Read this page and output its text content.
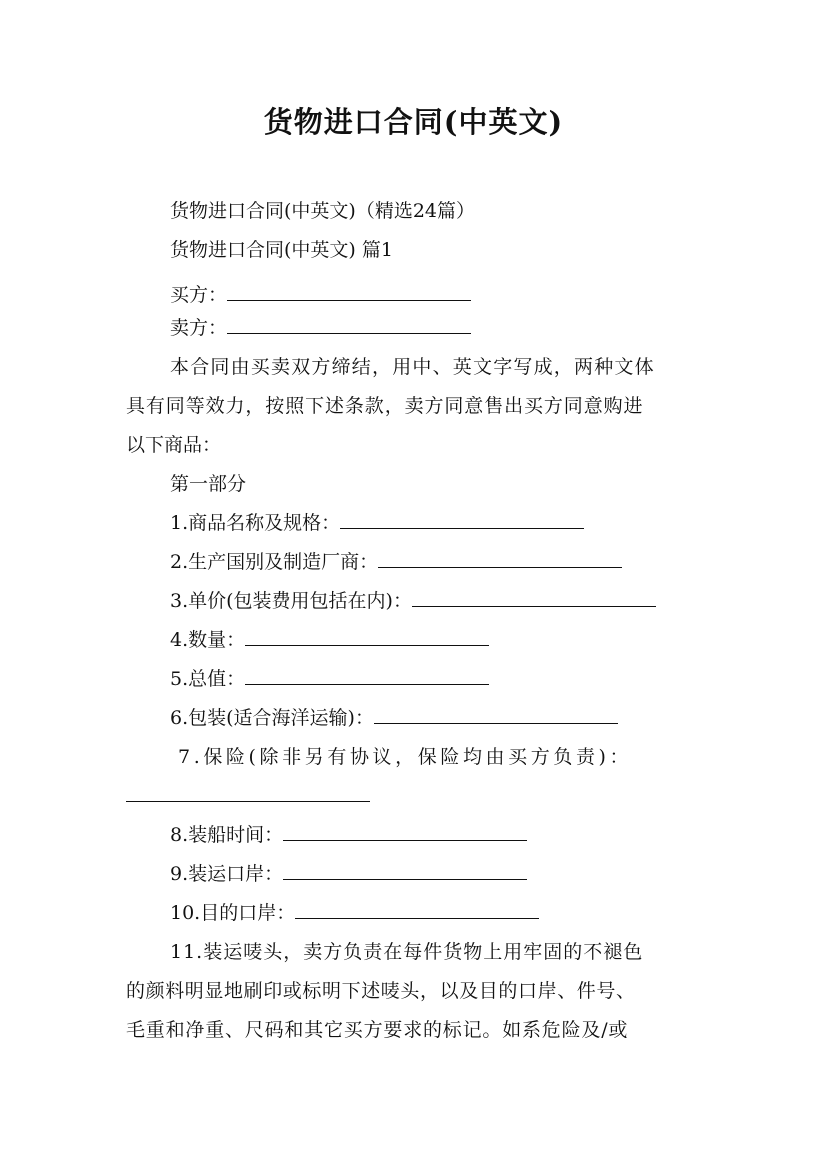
货物进口合同(中英文)
货物进口合同(中英文)（精选24篇）
货物进口合同(中英文) 篇1
买方：
卖方：
本合同由买卖双方缔结，用中、英文字写成，两种文体
具有同等效力，按照下述条款，卖方同意售出买方同意购进
以下商品：
第一部分
1.商品名称及规格：
2.生产国别及制造厂商：
3.单价(包装费用包括在内)：
4.数量：
5.总值：
6.包装(适合海洋运输)：
7.保险(除非另有协议，保险均由买方负责)：
8.装船时间：
9.装运口岸：
10.目的口岸：
11.装运唛头，卖方负责在每件货物上用牢固的不褪色
的颜料明显地刷印或标明下述唛头，以及目的口岸、件号、
毛重和净重、尺码和其它买方要求的标记。如系危险及/或
